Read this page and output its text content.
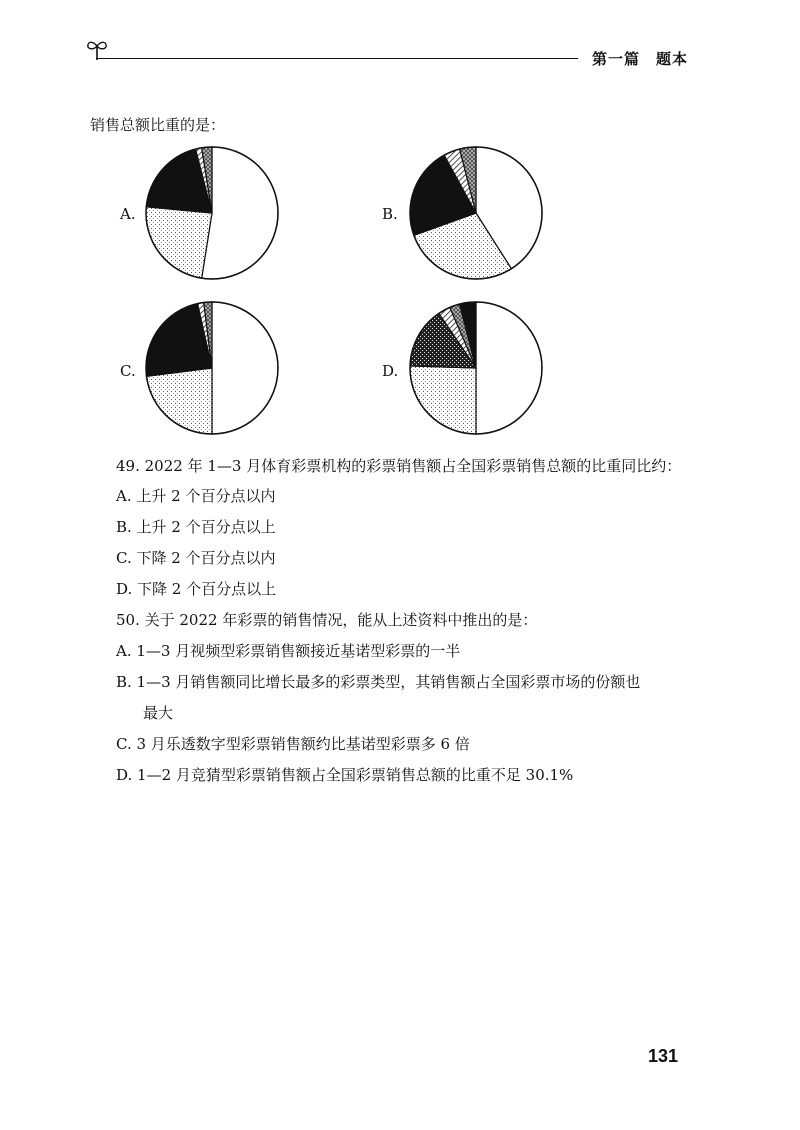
第一篇　题本
销售总额比重的是：
A.	B.
C.	D.
49. 2022 年 1—3 月体育彩票机构的彩票销售额占全国彩票销售总额的比重同比约：
A. 上升 2 个百分点以内
B. 上升 2 个百分点以上
C. 下降 2 个百分点以内
D. 下降 2 个百分点以上
50. 关于 2022 年彩票的销售情况，能从上述资料中推出的是：
A. 1—3 月视频型彩票销售额接近基诺型彩票的一半
B. 1—3 月销售额同比增长最多的彩票类型，其销售额占全国彩票市场的份额也
最大
C. 3 月乐透数字型彩票销售额约比基诺型彩票多 6 倍
D. 1—2 月竞猜型彩票销售额占全国彩票销售总额的比重不足 30.1%
131
